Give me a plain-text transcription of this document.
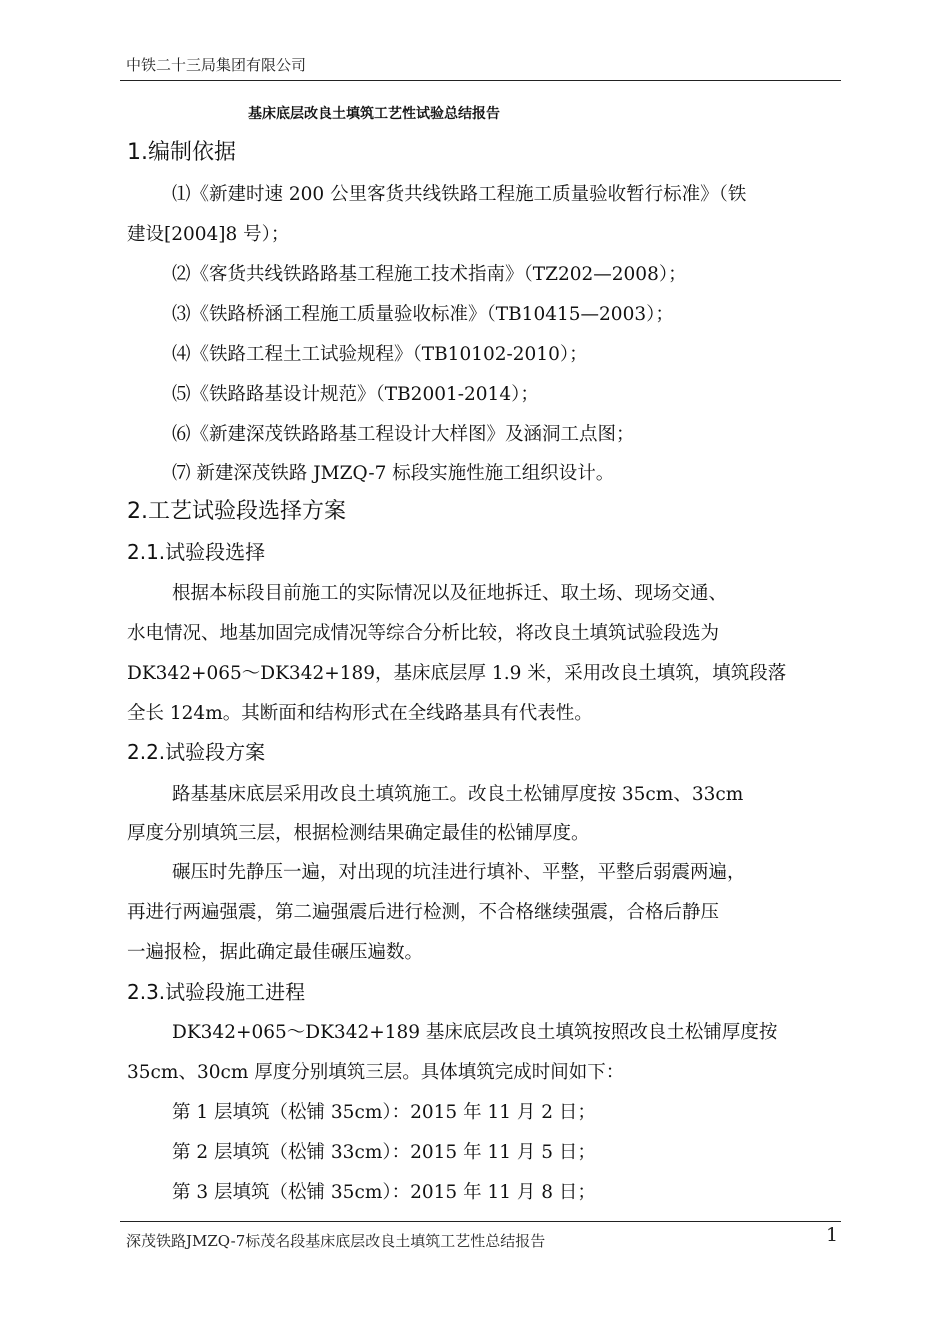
中铁二十三局集团有限公司
基床底层改良土填筑工艺性试验总结报告
1.编制依据
⑴《新建时速 200 公里客货共线铁路工程施工质量验收暂行标准》（铁
建设[2004]8 号）；
⑵《客货共线铁路路基工程施工技术指南》（TZ202—2008）；
⑶《铁路桥涵工程施工质量验收标准》（TB10415—2003）；
⑷《铁路工程土工试验规程》（TB10102-2010）；
⑸《铁路路基设计规范》（TB2001-2014）；
⑹《新建深茂铁路路基工程设计大样图》及涵洞工点图；
⑺ 新建深茂铁路 JMZQ-7 标段实施性施工组织设计。
2.工艺试验段选择方案
2.1.试验段选择
根据本标段目前施工的实际情况以及征地拆迁、取土场、现场交通、
水电情况、地基加固完成情况等综合分析比较，将改良土填筑试验段选为
DK342+065～DK342+189，基床底层厚 1.9 米，采用改良土填筑，填筑段落
全长 124m。其断面和结构形式在全线路基具有代表性。
2.2.试验段方案
路基基床底层采用改良土填筑施工。改良土松铺厚度按 35cm、33cm
厚度分别填筑三层，根据检测结果确定最佳的松铺厚度。
碾压时先静压一遍，对出现的坑洼进行填补、平整，平整后弱震两遍，
再进行两遍强震，第二遍强震后进行检测，不合格继续强震，合格后静压
一遍报检，据此确定最佳碾压遍数。
2.3.试验段施工进程
DK342+065～DK342+189 基床底层改良土填筑按照改良土松铺厚度按
35cm、30cm 厚度分别填筑三层。具体填筑完成时间如下：
第 1 层填筑（松铺 35cm）：2015 年 11 月 2 日；
第 2 层填筑（松铺 33cm）：2015 年 11 月 5 日；
第 3 层填筑（松铺 35cm）：2015 年 11 月 8 日；
深茂铁路JMZQ-7标茂名段基床底层改良土填筑工艺性总结报告	1
